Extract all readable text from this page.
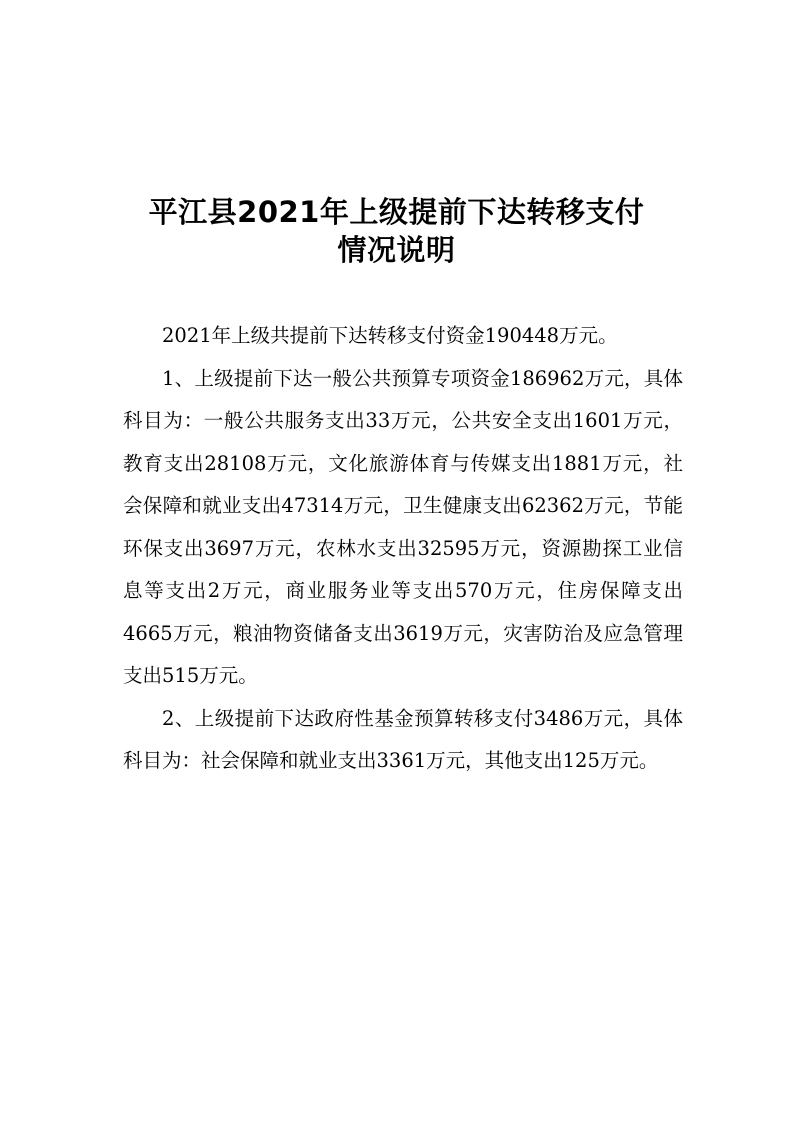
平江县2021年上级提前下达转移支付
情况说明

2021年上级共提前下达转移支付资金190448万元。

1、上级提前下达一般公共预算专项资金186962万元，具体科目为：一般公共服务支出33万元，公共安全支出1601万元，教育支出28108万元，文化旅游体育与传媒支出1881万元，社会保障和就业支出47314万元，卫生健康支出62362万元，节能环保支出3697万元，农林水支出32595万元，资源勘探工业信息等支出2万元，商业服务业等支出570万元，住房保障支出4665万元，粮油物资储备支出3619万元，灾害防治及应急管理支出515万元。

2、上级提前下达政府性基金预算转移支付3486万元，具体科目为：社会保障和就业支出3361万元，其他支出125万元。
